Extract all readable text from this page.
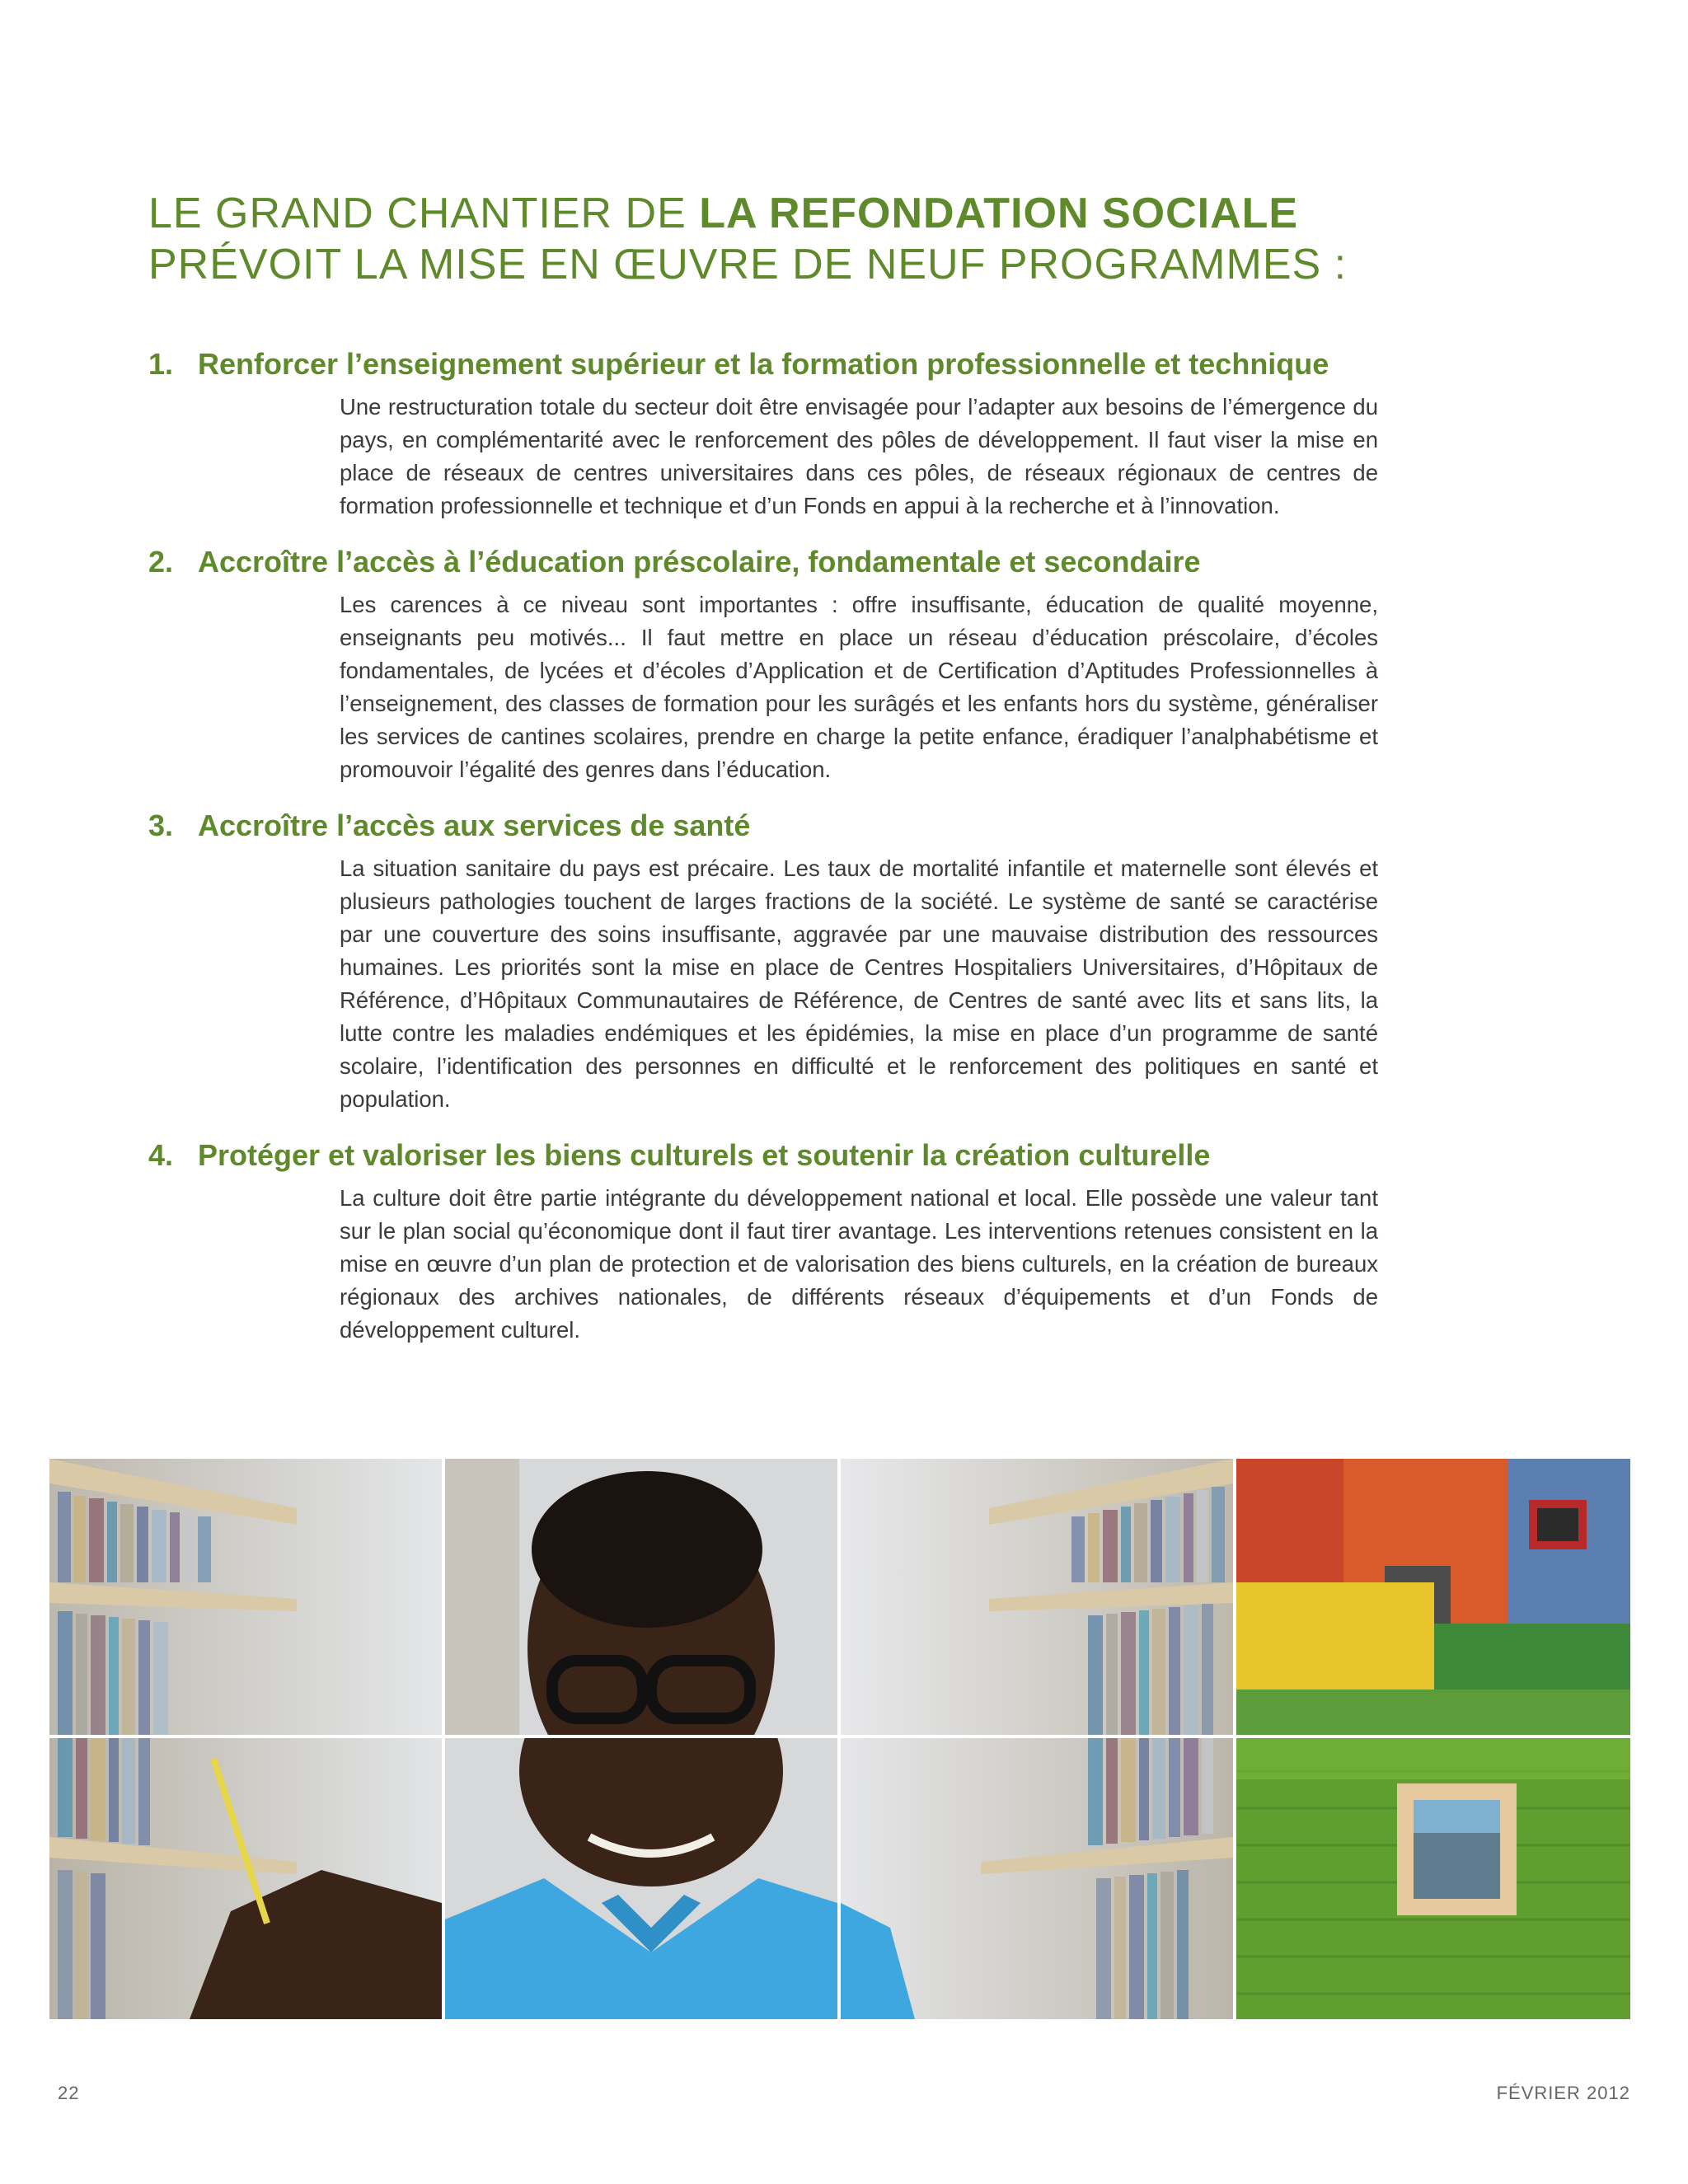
LE GRAND CHANTIER DE LA REFONDATION SOCIALE
PRÉVOIT LA MISE EN ŒUVRE DE NEUF PROGRAMMES :
1. Renforcer l’enseignement supérieur et la formation professionnelle et technique

Une restructuration totale du secteur doit être envisagée pour l’adapter aux besoins de l’émergence du pays, en complémentarité avec le renforcement des pôles de développement. Il faut viser la mise en place de réseaux de centres universitaires dans ces pôles, de réseaux régionaux de centres de formation professionnelle et technique et d’un Fonds en appui à la recherche et à l’innovation.

2. Accroître l’accès à l’éducation préscolaire, fondamentale et secondaire

Les carences à ce niveau sont importantes : offre insuffisante, éducation de qualité moyenne, enseignants peu motivés... Il faut mettre en place un réseau d’éducation préscolaire, d’écoles fondamentales, de lycées et d’écoles d’Application et de Certification d’Aptitudes Professionnelles à l’enseignement, des classes de formation pour les surâgés et les enfants hors du système, généraliser les services de cantines scolaires, prendre en charge la petite enfance, éradiquer l’analphabétisme et promouvoir l’égalité des genres dans l’éducation.

3. Accroître l’accès aux services de santé

La situation sanitaire du pays est précaire. Les taux de mortalité infantile et maternelle sont élevés et plusieurs pathologies touchent de larges fractions de la société. Le système de santé se caractérise par une couverture des soins insuffisante, aggravée par une mauvaise distribution des ressources humaines. Les priorités sont la mise en place de Centres Hospitaliers Universitaires, d’Hôpitaux de Référence, d’Hôpitaux Communautaires de Référence, de Centres de santé avec lits et sans lits, la lutte contre les maladies endémiques et les épidémies, la mise en place d’un programme de santé scolaire, l’identification des personnes en difficulté et le renforcement des politiques en santé et population.

4. Protéger et valoriser les biens culturels et soutenir la création culturelle

La culture doit être partie intégrante du développement national et local. Elle possède une valeur tant sur le plan social qu’économique dont il faut tirer avantage. Les interventions retenues consistent en la mise en œuvre d’un plan de protection et de valorisation des biens culturels, en la création de bureaux régionaux des archives nationales, de différents réseaux d’équipements et d’un Fonds de développement culturel.

22	FÉVRIER 2012
